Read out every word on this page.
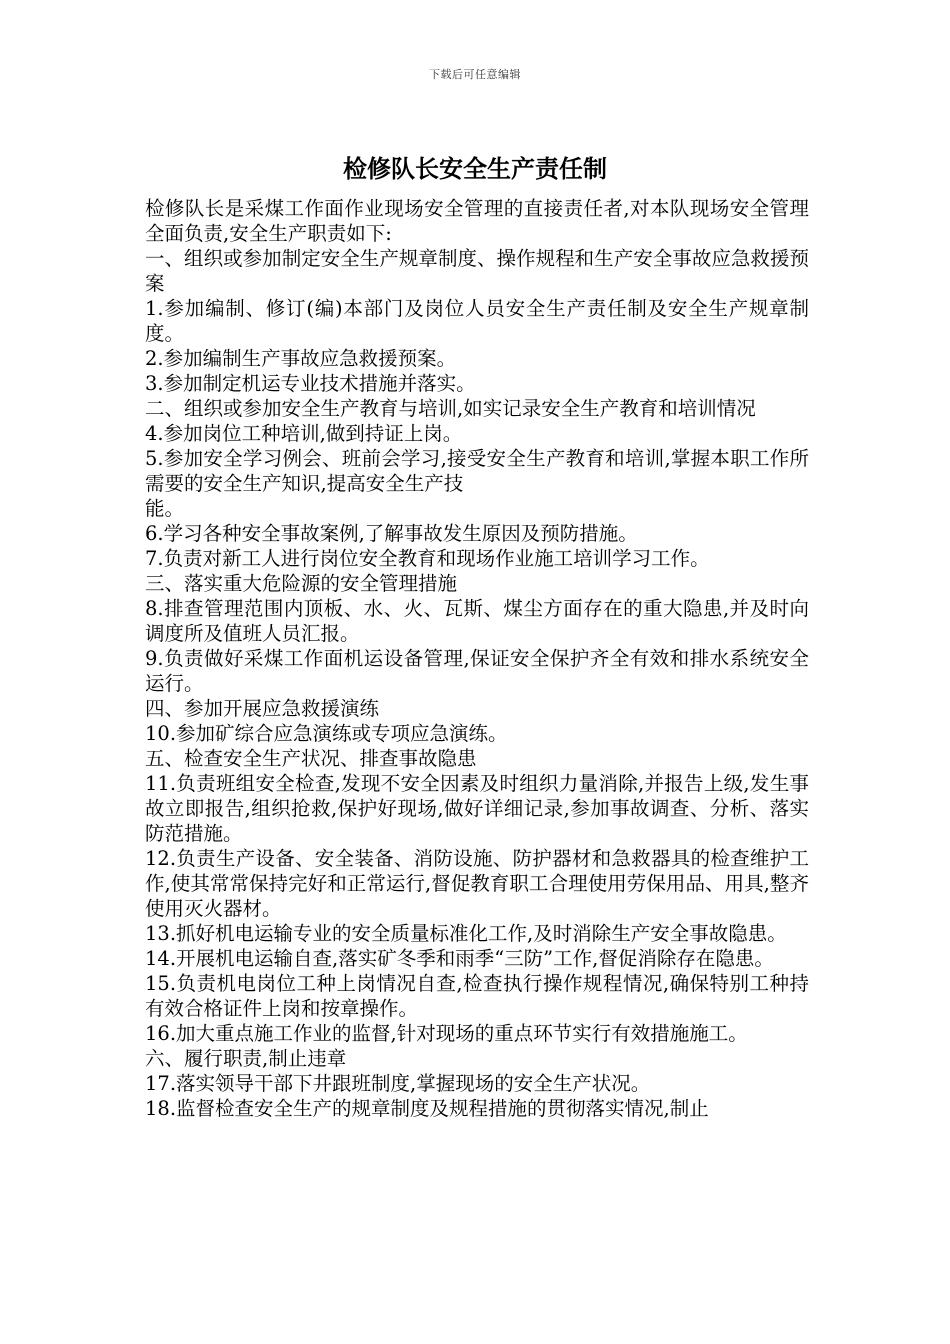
下载后可任意编辑
检修队长安全生产责任制

检修队长是采煤工作面作业现场安全管理的直接责任者,对本队现场安全管理全面负责,安全生产职责如下:

一、组织或参加制定安全生产规章制度、操作规程和生产安全事故应急救援预案

1.参加编制、修订(编)本部门及岗位人员安全生产责任制及安全生产规章制度。

2.参加编制生产事故应急救援预案。

3.参加制定机运专业技术措施并落实。

二、组织或参加安全生产教育与培训,如实记录安全生产教育和培训情况

4.参加岗位工种培训,做到持证上岗。

5.参加安全学习例会、班前会学习,接受安全生产教育和培训,掌握本职工作所需要的安全生产知识,提高安全生产技

能。

6.学习各种安全事故案例,了解事故发生原因及预防措施。

7.负责对新工人进行岗位安全教育和现场作业施工培训学习工作。

三、落实重大危险源的安全管理措施

8.排查管理范围内顶板、水、火、瓦斯、煤尘方面存在的重大隐患,并及时向调度所及值班人员汇报。

9.负责做好采煤工作面机运设备管理,保证安全保护齐全有效和排水系统安全运行。

四、参加开展应急救援演练

10.参加矿综合应急演练或专项应急演练。

五、检查安全生产状况、排查事故隐患

11.负责班组安全检查,发现不安全因素及时组织力量消除,并报告上级,发生事故立即报告,组织抢救,保护好现场,做好详细记录,参加事故调查、分析、落实防范措施。

12.负责生产设备、安全装备、消防设施、防护器材和急救器具的检查维护工作,使其常常保持完好和正常运行,督促教育职工合理使用劳保用品、用具,整齐使用灭火器材。

13.抓好机电运输专业的安全质量标准化工作,及时消除生产安全事故隐患。

14.开展机电运输自查,落实矿冬季和雨季“三防”工作,督促消除存在隐患。

15.负责机电岗位工种上岗情况自查,检查执行操作规程情况,确保特别工种持有效合格证件上岗和按章操作。

16.加大重点施工作业的监督,针对现场的重点环节实行有效措施施工。

六、履行职责,制止违章

17.落实领导干部下井跟班制度,掌握现场的安全生产状况。

18.监督检查安全生产的规章制度及规程措施的贯彻落实情况,制止
